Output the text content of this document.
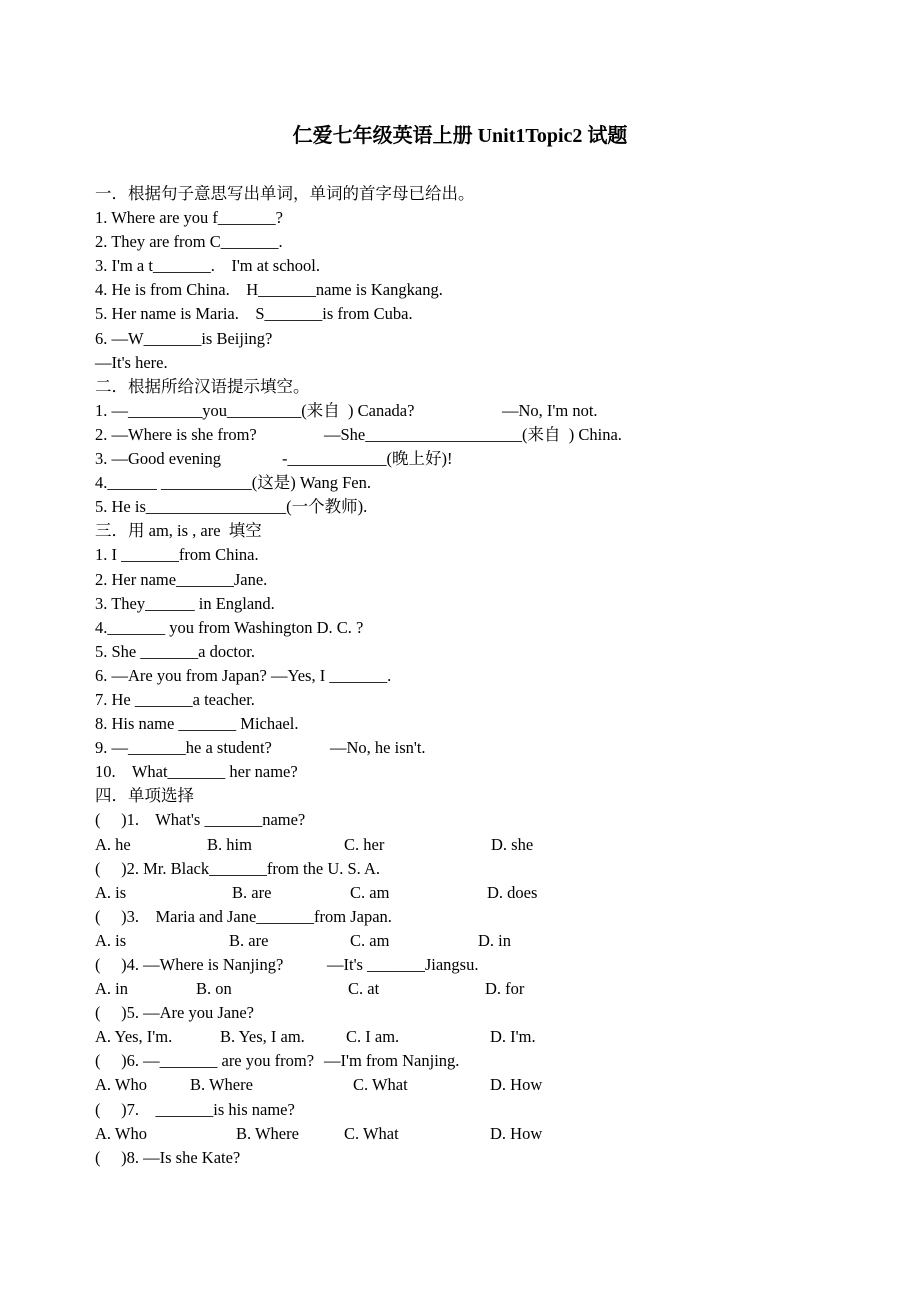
仁爱七年级英语上册 Unit1Topic2 试题
一．根据句子意思写出单词，单词的首字母已给出。
1. Where are you f_______?
2. They are from C_______.
3. I'm a t_______.    I'm at school.
4. He is from China.    H_______name is Kangkang.
5. Her name is Maria.    S_______is from Cuba.
6. —W_______is Beijing?
—It's here.
二．根据所给汉语提示填空。
1. —_________you_________(来自  ) Canada?	—No, I'm not.
2. —Where is she from?	—She___________________(来自  ) China.
3. —Good evening	-____________(晚上好)!
4.______ ___________(这是) Wang Fen.
5. He is_________________(一个教师).
三．用 am, is , are  填空
1. I _______from China.
2. Her name_______Jane.
3. They______ in England.
4._______ you from Washington D. C. ?
5. She _______a doctor.
6. —Are you from Japan? —Yes, I _______.
7. He _______a teacher.
8. His name _______ Michael.
9. —_______he a student?	—No, he isn't.
10.    What_______ her name?
四．单项选择
(     )1.    What's _______name?
A. he	B. him	C. her	D. she
(     )2. Mr. Black_______from the U. S. A.
A. is	B. are	C. am	D. does
(     )3.    Maria and Jane_______from Japan.
A. is	B. are	C. am	D. in
(     )4. —Where is Nanjing?	—It's _______Jiangsu.
A. in	B. on	C. at	D. for
(     )5. —Are you Jane?
A. Yes, I'm.	B. Yes, I am. C. I am.	D. I'm.
(     )6. —_______ are you from? —I'm from Nanjing.
A. Who	B. Where	C. What	D. How
(     )7.    _______is his name?
A. Who	B. Where	C. What	D. How
(     )8. —Is she Kate?
